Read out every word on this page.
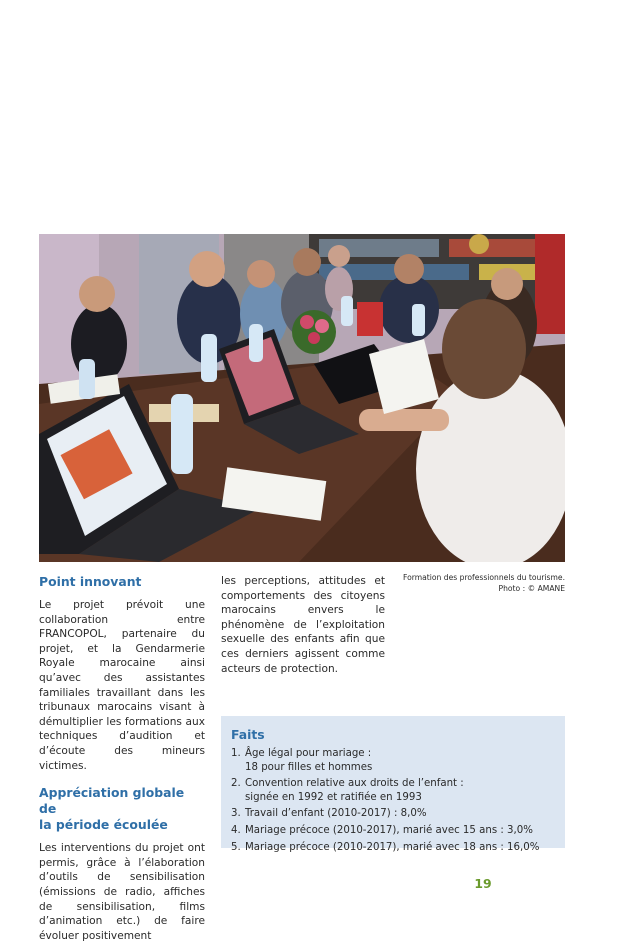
Formation des professionnels du tourisme.
Photo : © AMANE
Point innovant

Le projet prévoit une collaboration entre FRANCOPOL, partenaire du projet, et la Gendarmerie Royale marocaine ainsi qu’avec des assistantes familiales travaillant dans les tribunaux marocains visant à démultiplier les formations aux techniques d’audition et d’écoute des mineurs victimes.

Appréciation globale de
la période écoulée

Les interventions du projet ont permis, grâce à l’élaboration d’outils de sensibilisation (émissions de radio, affiches de sensibilisation, films d’animation etc.) de faire évoluer positivement

les perceptions, attitudes et comportements des citoyens marocains envers le phénomène de l’exploitation sexuelle des enfants afin que ces derniers agissent comme acteurs de protection.

Faits
1. Âge légal pour mariage :
18 pour filles et hommes
2. Convention relative aux droits de l’enfant :
signée en 1992 et ratifiée en 1993
3. Travail d’enfant (2010-2017) : 8,0%
4. Mariage précoce (2010-2017), marié avec 15 ans : 3,0%
5. Mariage précoce (2010-2017), marié avec 18 ans : 16,0%
19
